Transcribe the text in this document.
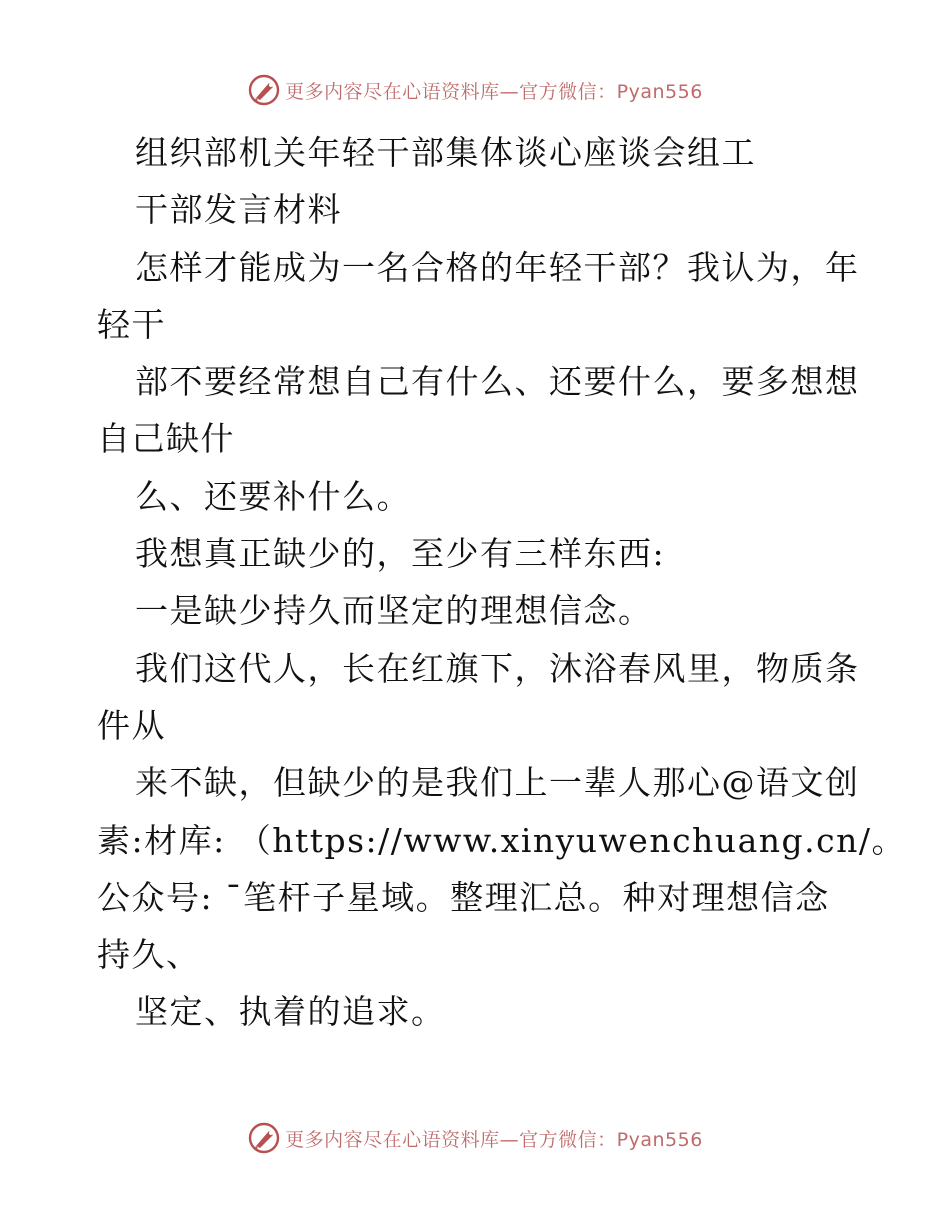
更多内容尽在心语资料库—官方微信：Pyan556
组织部机关年轻干部集体谈心座谈会组工
干部发言材料
怎样才能成为一名合格的年轻干部？我认为，年
轻干
部不要经常想自己有什么、还要什么，要多想想
自己缺什
么、还要补什么。
我想真正缺少的，至少有三样东西:
一是缺少持久而坚定的理想信念。
我们这代人，长在红旗下，沐浴春风里，物质条
件从
来不缺，但缺少的是我们上一辈人那心@语文创
素:材库: （https://www.xinyuwenchuang.cn/。
公众号: ¯笔杆子星域。整理汇总。种对理想信念
持久、
坚定、执着的追求。
更多内容尽在心语资料库—官方微信：Pyan556
